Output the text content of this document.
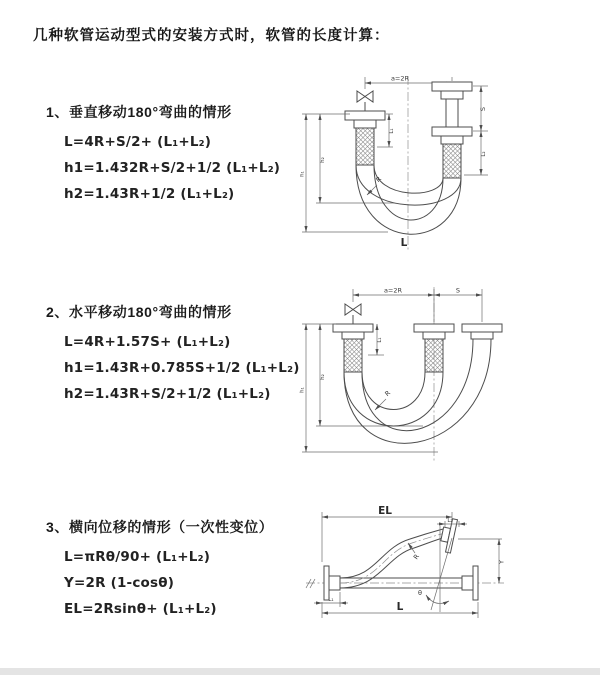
几种软管运动型式的安装方式时，软管的长度计算：
1、垂直移动180°弯曲的情形
L=4R+S/2+ (L₁+L₂)
h1=1.432R+S/2+1/2 (L₁+L₂)
h2=1.43R+1/2 (L₁+L₂)
2、水平移动180°弯曲的情形
L=4R+1.57S+ (L₁+L₂)
h1=1.43R+0.785S+1/2 (L₁+L₂)
h2=1.43R+S/2+1/2 (L₁+L₂)
3、横向位移的情形（一次性变位）
L=πRθ/90+ (L₁+L₂)
Y=2R (1-cosθ)
EL=2Rsinθ+ (L₁+L₂)
a=2R
L₁
S
L₂
h₁
h₂
R
L
a=2R	S
L₁
h₁
h₂
R
EL
L₂
Y
θ
R
L₁
L
